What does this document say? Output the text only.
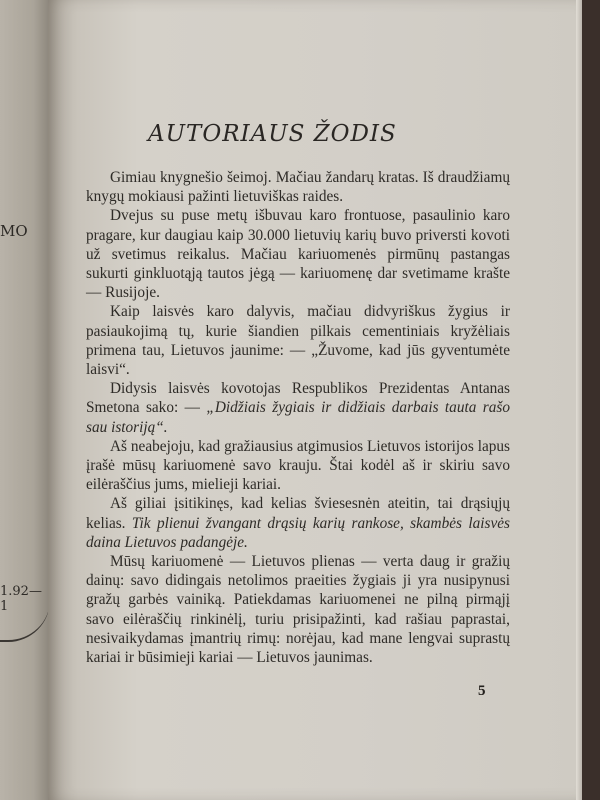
MO
1.92—1
AUTORIAUS ŽODIS

Gimiau knygnešio šeimoj. Mačiau žandarų kratas. Iš draudžiamų knygų mokiausi pažinti lietuviškas raides.

Dvejus su puse metų išbuvau karo frontuose, pasaulinio karo pragare, kur daugiau kaip 30.000 lietuvių karių buvo priversti kovoti už svetimus reikalus. Mačiau kariuomenės pirmūnų pastangas sukurti ginkluotąją tautos jėgą — kariuomenę dar svetimame krašte — Rusijoje.

Kaip laisvės karo dalyvis, mačiau didvyriškus žygius ir pasiaukojimą tų, kurie šiandien pilkais cementiniais kryžėliais primena tau, Lietuvos jaunime: — „Žuvome, kad jūs gyventumėte laisvi“.

Didysis laisvės kovotojas Respublikos Prezidentas Antanas Smetona sako: — „Didžiais žygiais ir didžiais darbais tauta rašo sau istoriją“.

Aš neabejoju, kad gražiausius atgimusios Lietuvos istorijos lapus įrašė mūsų kariuomenė savo krauju. Štai kodėl aš ir skiriu savo eilėraščius jums, mielieji kariai.

Aš giliai įsitikinęs, kad kelias šviesesnėn ateitin, tai drąsiųjų kelias. Tik plienui žvangant drąsių karių rankose, skambės laisvės daina Lietuvos padangėje.

Mūsų kariuomenė — Lietuvos plienas — verta daug ir gražių dainų: savo didingais netolimos praeities žygiais ji yra nusipynusi gražų garbės vainiką. Patiekdamas kariuomenei ne pilną pirmąjį savo eilėraščių rinkinėlį, turiu prisipažinti, kad rašiau paprastai, nesivaikydamas įmantrių rimų: norėjau, kad mane lengvai suprastų kariai ir būsimieji kariai — Lietuvos jaunimas.

5
